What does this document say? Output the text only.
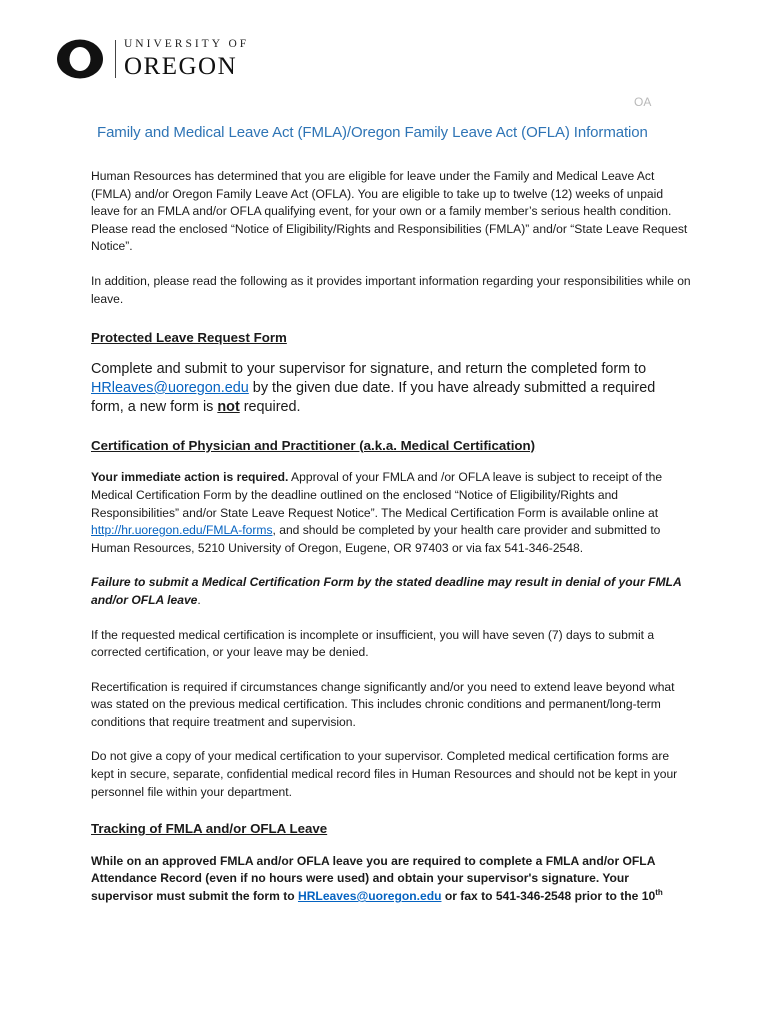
UNIVERSITY OF
OREGON
OA
Family and Medical Leave Act (FMLA)/Oregon Family Leave Act (OFLA) Information

Human Resources has determined that you are eligible for leave under the Family and Medical Leave Act (FMLA) and/or Oregon Family Leave Act (OFLA). You are eligible to take up to twelve (12) weeks of unpaid leave for an FMLA and/or OFLA qualifying event, for your own or a family member’s serious health condition. Please read the enclosed “Notice of Eligibility/Rights and Responsibilities (FMLA)” and/or “State Leave Request Notice”.

In addition, please read the following as it provides important information regarding your responsibilities while on leave.

Protected Leave Request Form

Complete and submit to your supervisor for signature, and return the completed form to HRleaves@uoregon.edu by the given due date. If you have already submitted a required form, a new form is not required.

Certification of Physician and Practitioner (a.k.a. Medical Certification)

Your immediate action is required. Approval of your FMLA and /or OFLA leave is subject to receipt of the Medical Certification Form by the deadline outlined on the enclosed “Notice of Eligibility/Rights and Responsibilities” and/or State Leave Request Notice”. The Medical Certification Form is available online at http://hr.uoregon.edu/FMLA-forms, and should be completed by your health care provider and submitted to Human Resources, 5210 University of Oregon, Eugene, OR 97403 or via fax 541-346-2548.

Failure to submit a Medical Certification Form by the stated deadline may result in denial of your FMLA and/or OFLA leave.

If the requested medical certification is incomplete or insufficient, you will have seven (7) days to submit a corrected certification, or your leave may be denied.

Recertification is required if circumstances change significantly and/or you need to extend leave beyond what was stated on the previous medical certification. This includes chronic conditions and permanent/long-term conditions that require treatment and supervision.

Do not give a copy of your medical certification to your supervisor. Completed medical certification forms are kept in secure, separate, confidential medical record files in Human Resources and should not be kept in your personnel file within your department.

Tracking of FMLA and/or OFLA Leave

While on an approved FMLA and/or OFLA leave you are required to complete a FMLA and/or OFLA Attendance Record (even if no hours were used) and obtain your supervisor's signature. Your supervisor must submit the form to HRLeaves@uoregon.edu or fax to 541-346-2548 prior to the 10th
